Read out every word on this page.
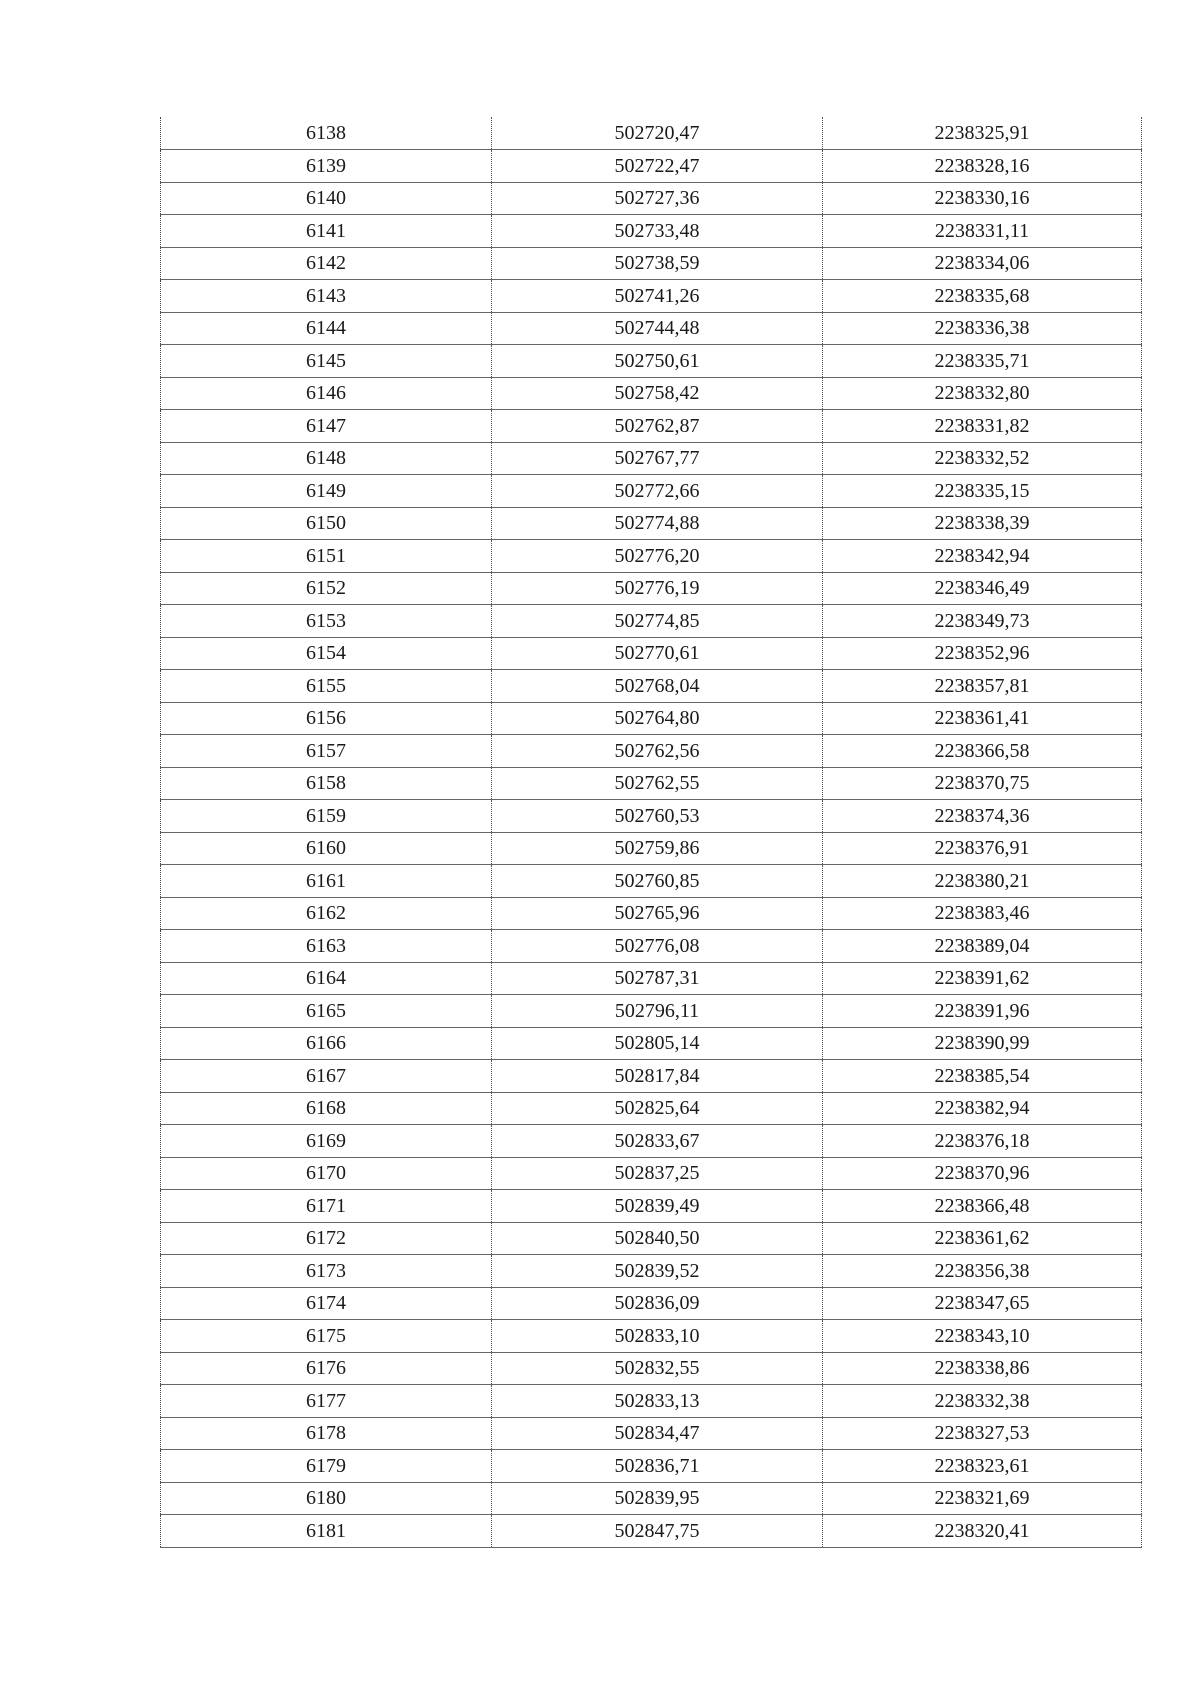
6138	502720,47	2238325,91
6139	502722,47	2238328,16
6140	502727,36	2238330,16
6141	502733,48	2238331,11
6142	502738,59	2238334,06
6143	502741,26	2238335,68
6144	502744,48	2238336,38
6145	502750,61	2238335,71
6146	502758,42	2238332,80
6147	502762,87	2238331,82
6148	502767,77	2238332,52
6149	502772,66	2238335,15
6150	502774,88	2238338,39
6151	502776,20	2238342,94
6152	502776,19	2238346,49
6153	502774,85	2238349,73
6154	502770,61	2238352,96
6155	502768,04	2238357,81
6156	502764,80	2238361,41
6157	502762,56	2238366,58
6158	502762,55	2238370,75
6159	502760,53	2238374,36
6160	502759,86	2238376,91
6161	502760,85	2238380,21
6162	502765,96	2238383,46
6163	502776,08	2238389,04
6164	502787,31	2238391,62
6165	502796,11	2238391,96
6166	502805,14	2238390,99
6167	502817,84	2238385,54
6168	502825,64	2238382,94
6169	502833,67	2238376,18
6170	502837,25	2238370,96
6171	502839,49	2238366,48
6172	502840,50	2238361,62
6173	502839,52	2238356,38
6174	502836,09	2238347,65
6175	502833,10	2238343,10
6176	502832,55	2238338,86
6177	502833,13	2238332,38
6178	502834,47	2238327,53
6179	502836,71	2238323,61
6180	502839,95	2238321,69
6181	502847,75	2238320,41
